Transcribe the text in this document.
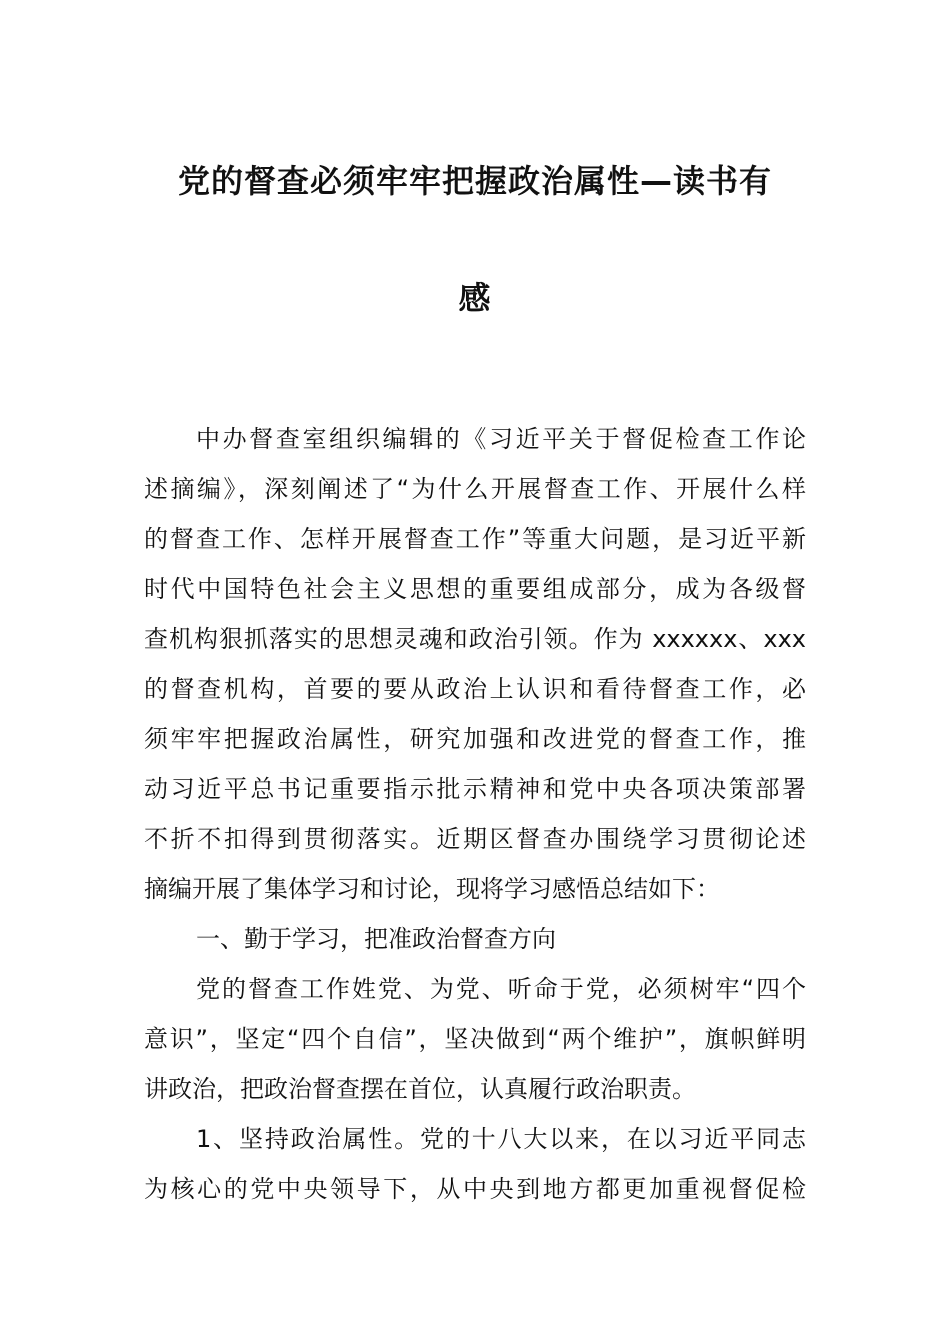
党的督查必须牢牢把握政治属性—读书有
感
中办督查室组织编辑的《习近平关于督促检查工作论
述摘编》，深刻阐述了“为什么开展督查工作、开展什么样
的督查工作、怎样开展督查工作”等重大问题，是习近平新
时代中国特色社会主义思想的重要组成部分，成为各级督
查机构狠抓落实的思想灵魂和政治引领。作为 xxxxxx、xxx
的督查机构，首要的要从政治上认识和看待督查工作，必
须牢牢把握政治属性，研究加强和改进党的督查工作，推
动习近平总书记重要指示批示精神和党中央各项决策部署
不折不扣得到贯彻落实。近期区督查办围绕学习贯彻论述
摘编开展了集体学习和讨论，现将学习感悟总结如下：
一、勤于学习，把准政治督查方向
党的督查工作姓党、为党、听命于党，必须树牢“四个
意识”，坚定“四个自信”，坚决做到“两个维护”，旗帜鲜明
讲政治，把政治督查摆在首位，认真履行政治职责。
1、坚持政治属性。党的十八大以来，在以习近平同志
为核心的党中央领导下，从中央到地方都更加重视督促检
